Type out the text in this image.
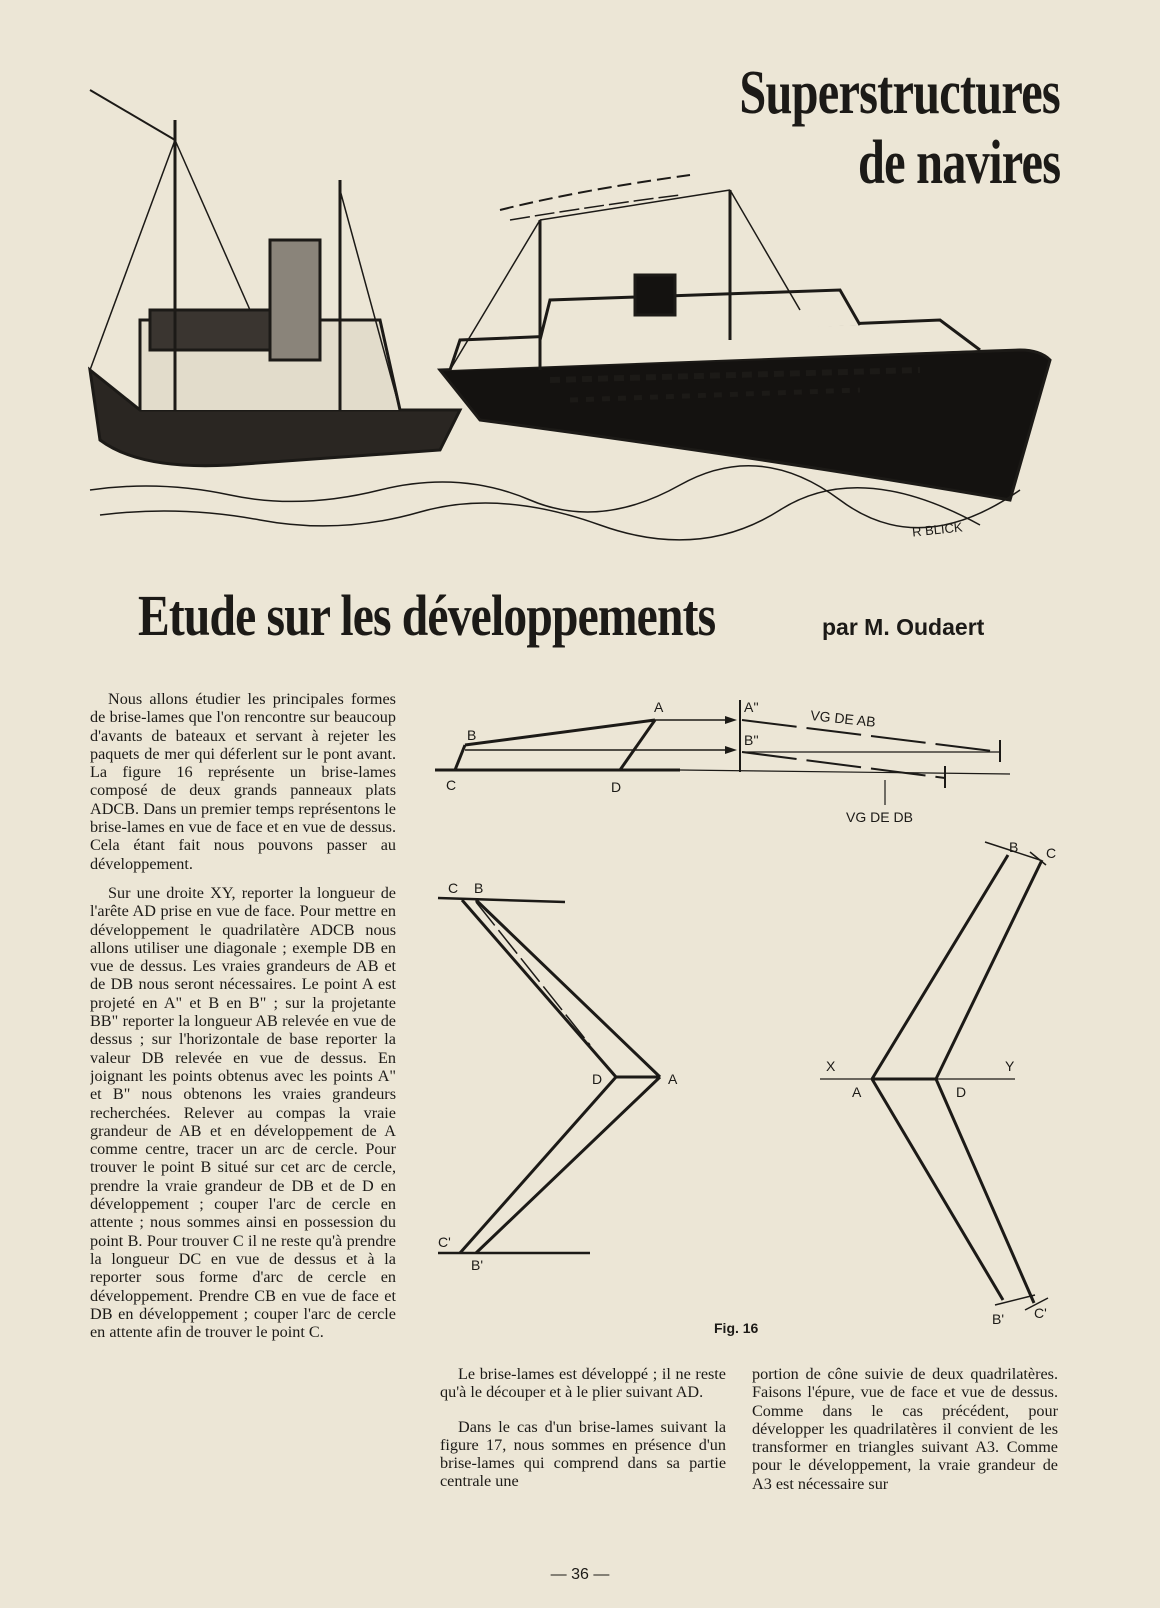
Superstructures
de navires
R BLICK
Etude sur les développements	par M. Oudaert

Nous allons étudier les principales formes de brise-lames que l'on rencontre sur beaucoup d'avants de bateaux et servant à rejeter les paquets de mer qui déferlent sur le pont avant. La figure 16 représente un brise-lames composé de deux grands panneaux plats ADCB. Dans un premier temps représentons le brise-lames en vue de face et en vue de dessus. Cela étant fait nous pouvons passer au développement.

Sur une droite XY, reporter la longueur de l'arête AD prise en vue de face. Pour mettre en développement le quadrilatère ADCB nous allons utiliser une diagonale ; exemple DB en vue de dessus. Les vraies grandeurs de AB et de DB nous seront nécessaires. Le point A est projeté en A" et B en B" ; sur la projetante BB" reporter la longueur AB relevée en vue de dessus ; sur l'horizontale de base reporter la valeur DB relevée en vue de dessus. En joignant les points obtenus avec les points A" et B" nous obtenons les vraies grandeurs recherchées. Relever au compas la vraie grandeur de AB et en développement de A comme centre, tracer un arc de cercle. Pour trouver le point B situé sur cet arc de cercle, prendre la vraie grandeur de DB et de D en développement ; couper l'arc de cercle en attente ; nous sommes ainsi en possession du point B. Pour trouver C il ne reste qu'à prendre la longueur DC en vue de dessus et à la reporter sous forme d'arc de cercle en développement. Prendre CB en vue de face et DB en développement ; couper l'arc de cercle en attente afin de trouver le point C.

A
B
C	D
A''
B''
VG DE AB
VG DE DB
C B
D	A
C'
B'
B C
X	Y
A	D
B' C'
Fig. 16

Le brise-lames est développé ; il ne reste qu'à le découper et à le plier suivant AD.

Dans le cas d'un brise-lames suivant la figure 17, nous sommes en présence d'un brise-lames qui comprend dans sa partie centrale une

portion de cône suivie de deux quadrilatères. Faisons l'épure, vue de face et vue de dessus. Comme dans le cas précédent, pour développer les quadrilatères il convient de les transformer en triangles suivant A3. Comme pour le développement, la vraie grandeur de A3 est nécessaire sur

— 36 —
